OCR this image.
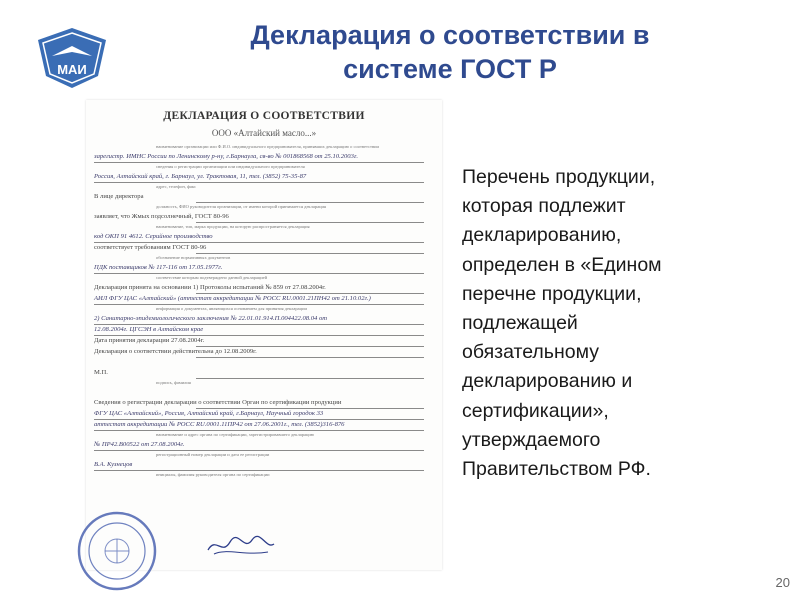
МАИ
Декларация о соответствии в
системе ГОСТ Р
ДЕКЛАРАЦИЯ О СООТВЕТСТВИИ
ООО «Алтайский масло...»
наименование организации или Ф.И.О. индивидуального предпринимателя, принявших декларацию о соответствии
зарегистр. ИМНС России по Ленинскому р-ну, г.Барнаула, св-во № 001868568 от 25.10.2003г.
сведения о регистрации организации или индивидуального предпринимателя
Россия, Алтайский край, г. Барнаул, ул. Трактовая, 11, тел. (3852) 75-35-87
адрес, телефон, факс
В лице директора
должность, ФИО руководителя организации, от имени которой принимается декларация
заявляет, что Жмых подсолнечный, ГОСТ 80-96
наименование, тип, марка продукции, на которую распространяется декларация
код ОКП 91 4612. Серийное производство
соответствует требованиям ГОСТ 80-96
обозначение нормативных документов
ПДК поставщиков № 117-116 от 17.05.1977г.
соответствие которым подтверждено данной декларацией
Декларация принята на основании 1) Протоколы испытаний № 859 от 27.08.2004г.
АИЛ ФГУ ЦАС «Алтайский» (аттестат аккредитации № РОСС RU.0001.21ПН42 от 21.10.02г.)
информация о документах, являющихся основанием для принятия декларации
2) Санитарно-эпидемиологического заключения № 22.01.01.914.П.004422.08.04 от
12.08.2004г. ЦГСЭН в Алтайском крае
Дата принятия декларации 27.08.2004г.
Декларация о соответствии действительна до 12.08.2009г.
М.П.
подпись, фамилия
Сведения о регистрации декларации о соответствии Орган по сертификации продукции
ФГУ ЦАС «Алтайский», Россия, Алтайский край, г.Барнаул, Научный городок 33
аттестат аккредитации № РОСС RU.0001.11ПР42 от 27.06.2001г., тел. (3852)316-876
наименование и адрес органа по сертификации, зарегистрировавшего декларацию
№ ПР42.В00522 от 27.08.2004г.
регистрационный номер декларации и дата ее регистрации
В.А. Кузнецов
инициалы, фамилия руководителя органа по сертификации
Перечень продукции,
которая подлежит
декларированию,
определен в «Едином
перечне продукции,
подлежащей
обязательному
декларированию и
сертификации»,
утверждаемого
Правительством РФ.
20
